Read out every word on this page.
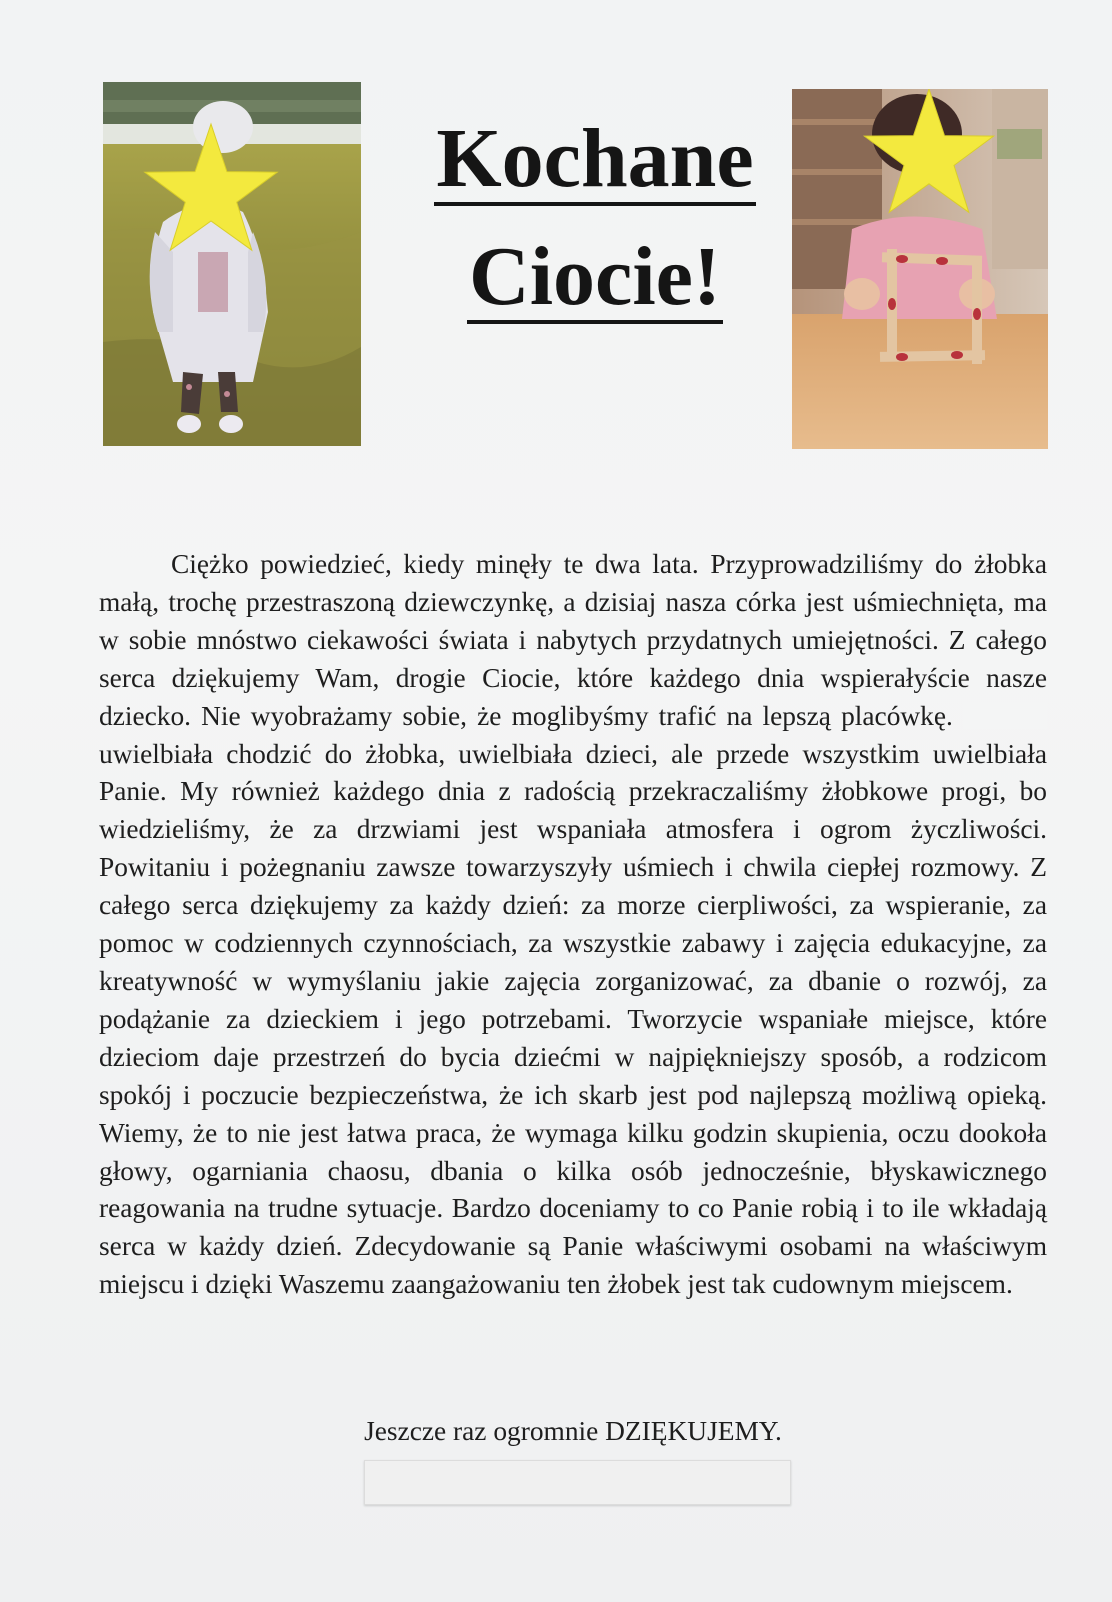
Kochane
Ciocie!

Ciężko powiedzieć, kiedy minęły te dwa lata. Przyprowadziliśmy do żłobka małą, trochę przestraszoną dziewczynkę, a dzisiaj nasza córka jest uśmiechnięta, ma w sobie mnóstwo ciekawości świata i nabytych przydatnych umiejętności. Z całego serca dziękujemy Wam, drogie Ciocie, które każdego dnia wspierałyście nasze dziecko. Nie wyobrażamy sobie, że moglibyśmy trafić na lepszą placówkę.  uwielbiała chodzić do żłobka, uwielbiała dzieci, ale przede wszystkim uwielbiała Panie. My również każdego dnia z radością przekraczaliśmy żłobkowe progi, bo wiedzieliśmy, że za drzwiami jest wspaniała atmosfera i ogrom życzliwości. Powitaniu i pożegnaniu zawsze towarzyszyły uśmiech i chwila ciepłej rozmowy. Z całego serca dziękujemy za każdy dzień: za morze cierpliwości, za wspieranie, za pomoc w codziennych czynnościach, za wszystkie zabawy i zajęcia edukacyjne, za kreatywność w wymyślaniu jakie zajęcia zorganizować, za dbanie o rozwój, za podążanie za dzieckiem i jego potrzebami. Tworzycie wspaniałe miejsce, które dzieciom daje przestrzeń do bycia dziećmi w najpiękniejszy sposób, a rodzicom spokój i poczucie bezpieczeństwa, że ich skarb jest pod najlepszą możliwą opieką. Wiemy, że to nie jest łatwa praca, że wymaga kilku godzin skupienia, oczu dookoła głowy, ogarniania chaosu, dbania o kilka osób jednocześnie, błyskawicznego reagowania na trudne sytuacje. Bardzo doceniamy to co Panie robią i to ile wkładają serca w każdy dzień. Zdecydowanie są Panie właściwymi osobami na właściwym miejscu i dzięki Waszemu zaangażowaniu ten żłobek jest tak cudownym miejscem.

Jeszcze raz ogromnie DZIĘKUJEMY.
